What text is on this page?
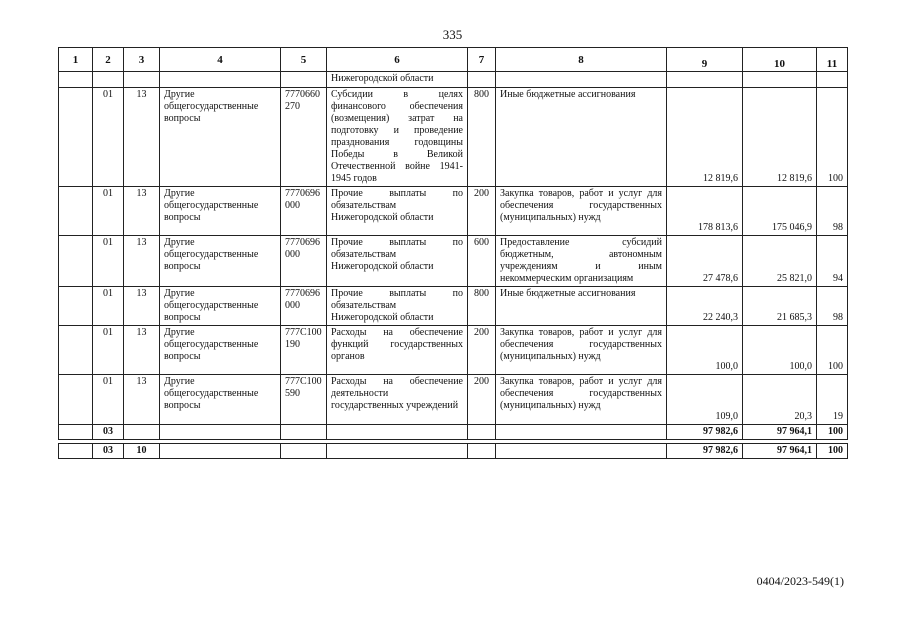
335
1	2	3	4	5	6	7	8	9	10	11
					Нижегородской области					
	01	13	Другие общегосударственные вопросы	7770660270	Субсидии в целях финансового обеспечения (возмещения) затрат на подготовку и проведение празднования годовщины Победы в Великой Отечественной войне 1941-1945 годов	800	Иные бюджетные ассигнования	12 819,6	12 819,6	100
	01	13	Другие общегосударственные вопросы	7770696000	Прочие выплаты по обязательствам Нижегородской области	200	Закупка товаров, работ и услуг для обеспечения государственных (муниципальных) нужд	178 813,6	175 046,9	98
	01	13	Другие общегосударственные вопросы	7770696000	Прочие выплаты по обязательствам Нижегородской области	600	Предоставление субсидий бюджетным, автономным учреждениям и иным некоммерческим организациям	27 478,6	25 821,0	94
	01	13	Другие общегосударственные вопросы	7770696000	Прочие выплаты по обязательствам Нижегородской области	800	Иные бюджетные ассигнования	22 240,3	21 685,3	98
	01	13	Другие общегосударственные вопросы	777C100190	Расходы на обеспечение функций государственных органов	200	Закупка товаров, работ и услуг для обеспечения государственных (муниципальных) нужд	100,0	100,0	100
	01	13	Другие общегосударственные вопросы	777C100590	Расходы на обеспечение деятельности государственных учреждений	200	Закупка товаров, работ и услуг для обеспечения государственных (муниципальных) нужд	109,0	20,3	19
	03							97 982,6	97 964,1	100

	03	10						97 982,6	97 964,1	100
0404/2023-549(1)
